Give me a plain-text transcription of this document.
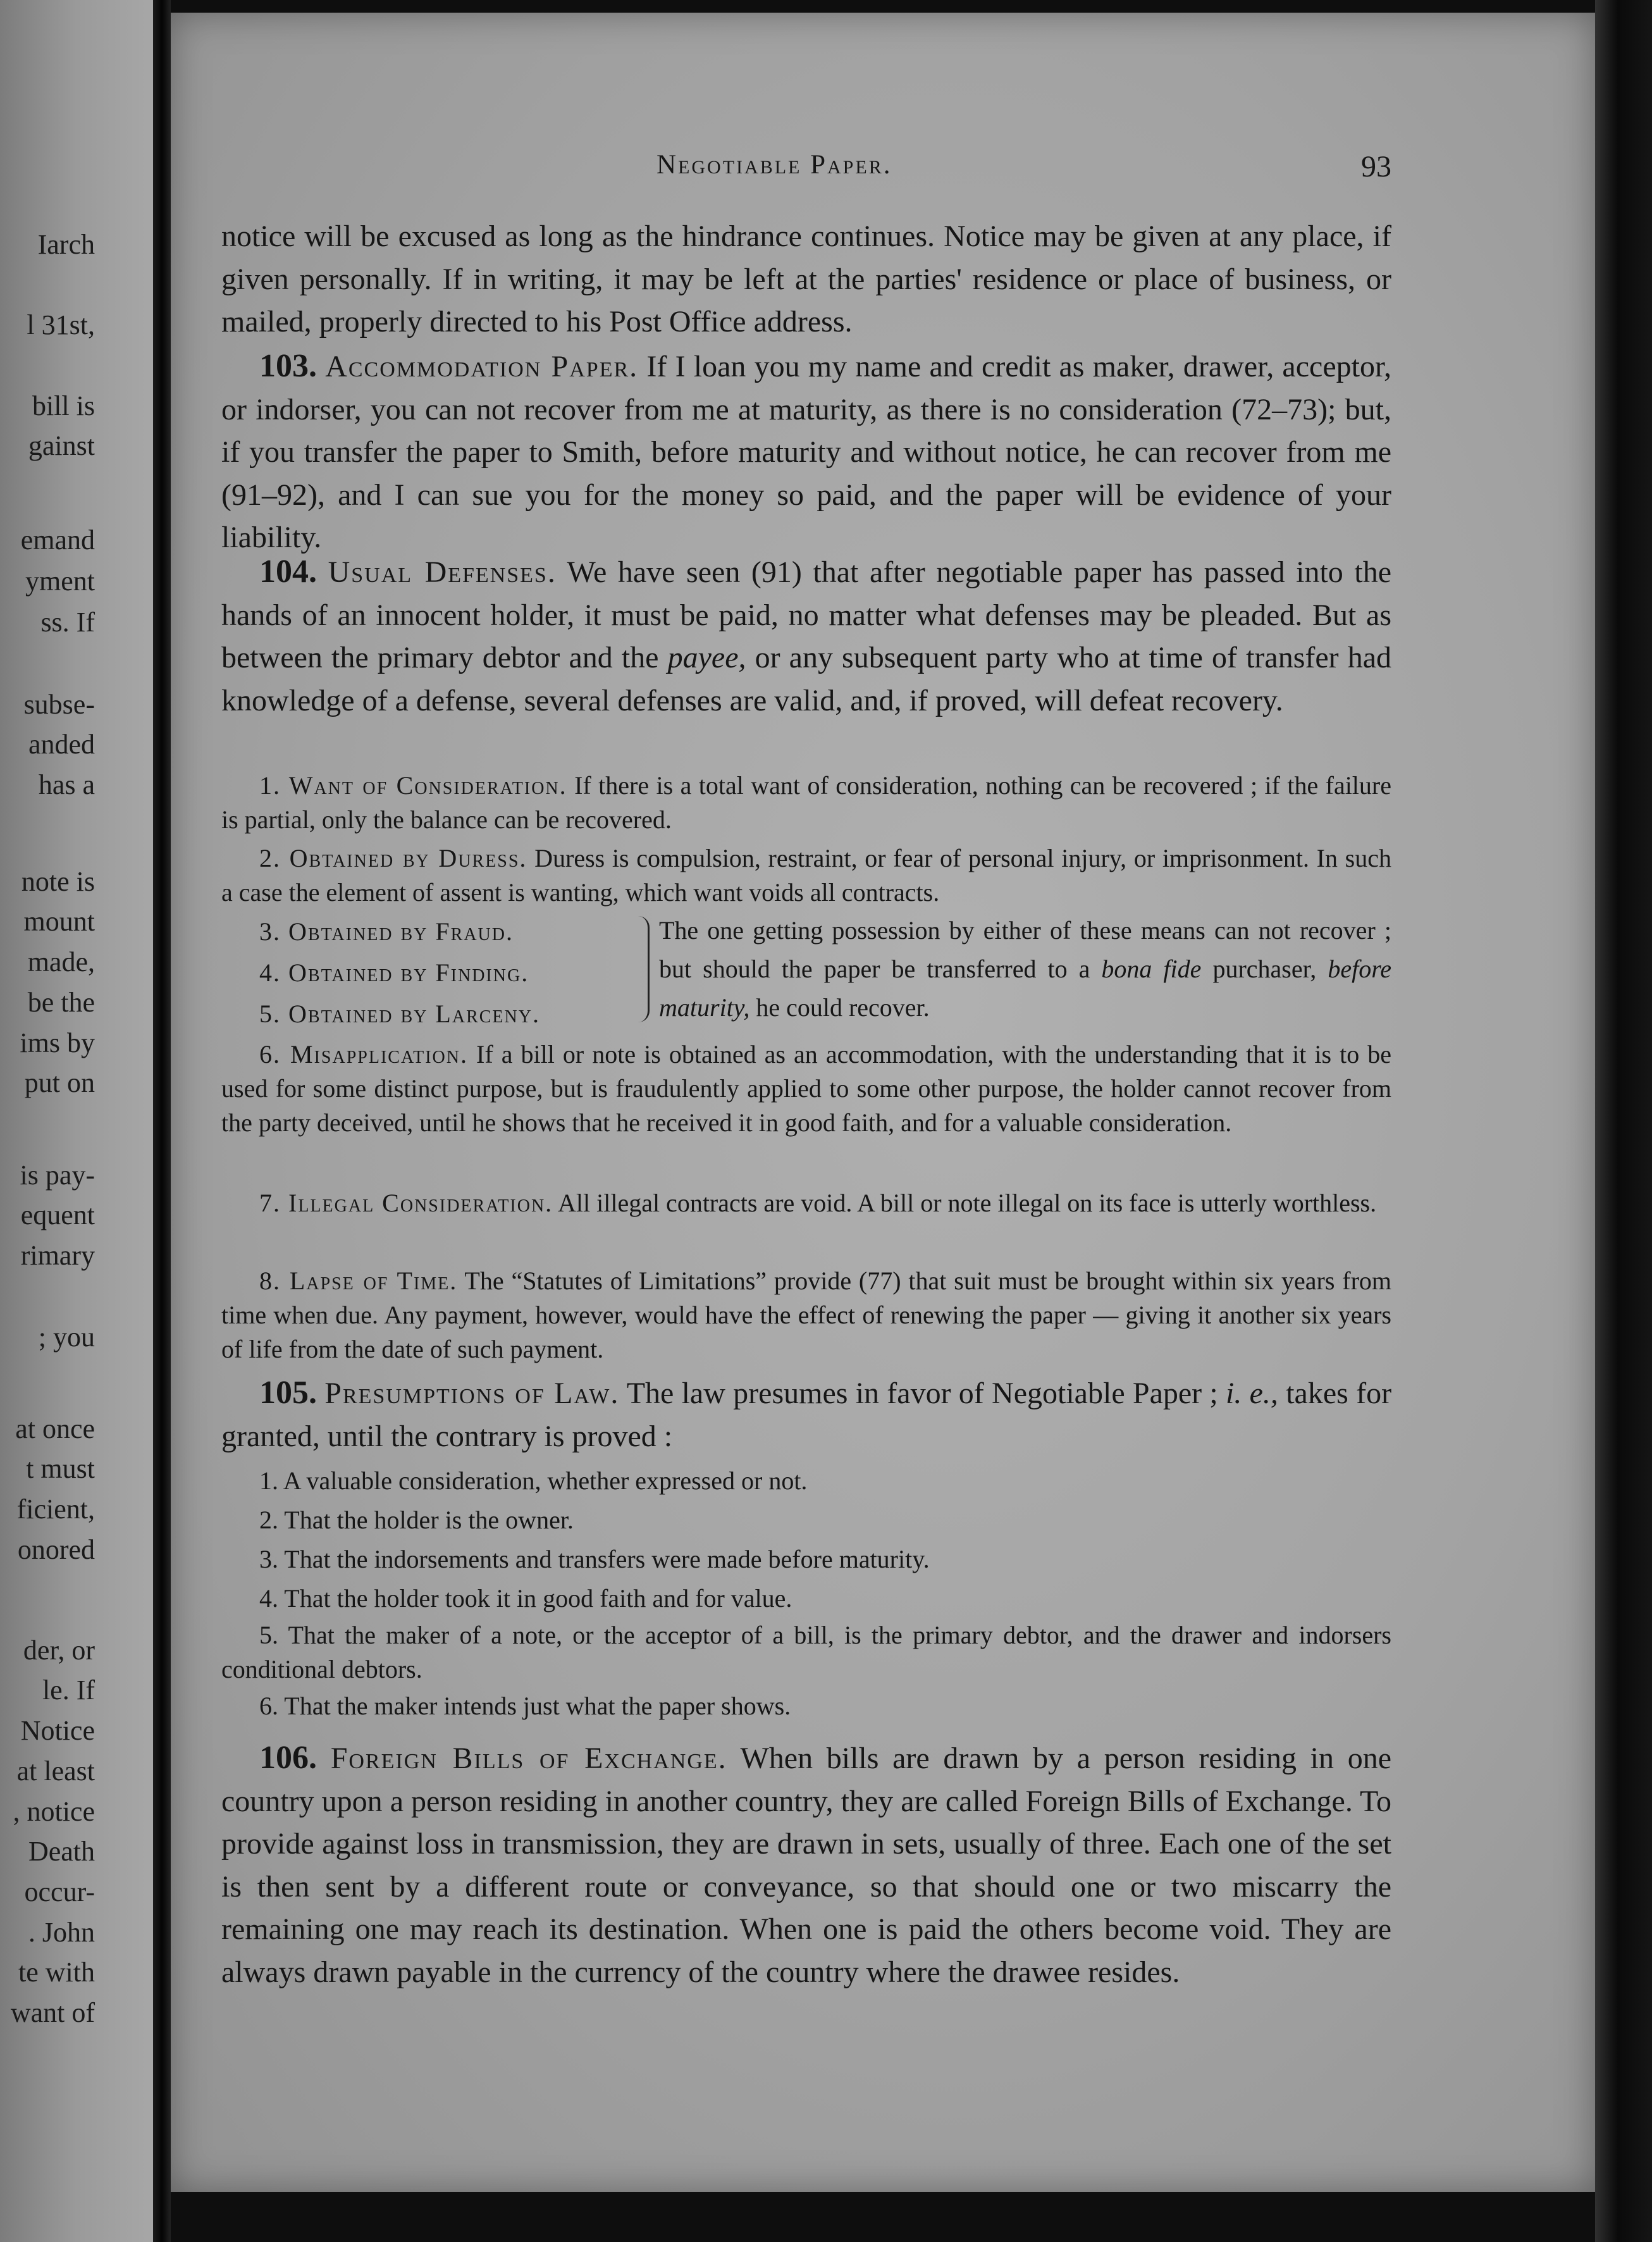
Iarch
l 31st,
bill is
gainst
emand
yment
ss. If
subse-
anded
has a
note is
mount
made,
be the
ims by
put on
is pay-
equent
rimary
; you
at once
t must
ficient,
onored
der, or
le. If
Notice
at least
, notice
Death
occur-
. John
te with
want of
Negotiable Paper.	93

notice will be excused as long as the hindrance continues. Notice may be given at any place, if given personally. If in writing, it may be left at the parties' residence or place of business, or mailed, properly directed to his Post Office address.

103. Accommodation Paper. If I loan you my name and credit as maker, drawer, acceptor, or indorser, you can not recover from me at maturity, as there is no consideration (72–73); but, if you transfer the paper to Smith, before maturity and without notice, he can recover from me (91–92), and I can sue you for the money so paid, and the paper will be evidence of your liability.

104. Usual Defenses. We have seen (91) that after negotiable paper has passed into the hands of an innocent holder, it must be paid, no matter what defenses may be pleaded. But as between the primary debtor and the payee, or any subsequent party who at time of transfer had knowledge of a defense, several defenses are valid, and, if proved, will defeat recovery.

1. Want of Consideration. If there is a total want of consideration, nothing can be recovered ; if the failure is partial, only the balance can be recovered.

2. Obtained by Duress. Duress is compulsion, restraint, or fear of personal injury, or imprisonment. In such a case the element of assent is wanting, which want voids all contracts.

3. Obtained by Fraud.
4. Obtained by Finding.
5. Obtained by Larceny.

The one getting possession by either of these means can not recover ; but should the paper be transferred to a bona fide purchaser, before maturity, he could recover.

6. Misapplication. If a bill or note is obtained as an accommodation, with the understanding that it is to be used for some distinct purpose, but is fraudulently applied to some other purpose, the holder cannot recover from the party deceived, until he shows that he received it in good faith, and for a valuable consideration.

7. Illegal Consideration. All illegal contracts are void. A bill or note illegal on its face is utterly worthless.

8. Lapse of Time. The “Statutes of Limitations” provide (77) that suit must be brought within six years from time when due. Any payment, however, would have the effect of renewing the paper — giving it another six years of life from the date of such payment.

105. Presumptions of Law. The law presumes in favor of Negotiable Paper ; i. e., takes for granted, until the contrary is proved :

1. A valuable consideration, whether expressed or not.

2. That the holder is the owner.

3. That the indorsements and transfers were made before maturity.

4. That the holder took it in good faith and for value.

5. That the maker of a note, or the acceptor of a bill, is the primary debtor, and the drawer and indorsers conditional debtors.

6. That the maker intends just what the paper shows.

106. Foreign Bills of Exchange. When bills are drawn by a person residing in one country upon a person residing in another country, they are called Foreign Bills of Exchange. To provide against loss in transmission, they are drawn in sets, usually of three. Each one of the set is then sent by a different route or conveyance, so that should one or two miscarry the remaining one may reach its destination. When one is paid the others become void. They are always drawn payable in the currency of the country where the drawee resides.
